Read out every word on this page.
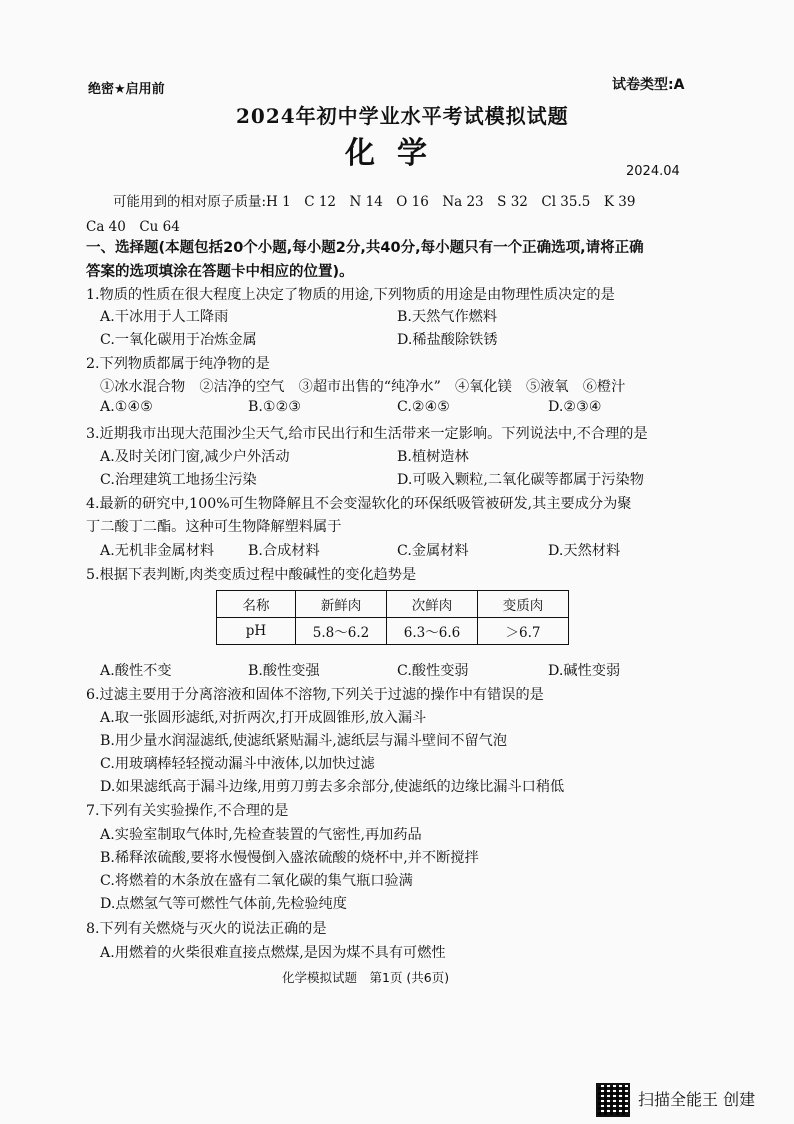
绝密★启用前	试卷类型:A
2024年初中学业水平考试模拟试题
化学
2024.04
可能用到的相对原子质量:H 1　C 12　N 14　O 16　Na 23　S 32　Cl 35.5　K 39
Ca 40　Cu 64
一、选择题(本题包括20个小题,每小题2分,共40分,每小题只有一个正确选项,请将正确
答案的选项填涂在答题卡中相应的位置)。
1.物质的性质在很大程度上决定了物质的用途,下列物质的用途是由物理性质决定的是
A.干冰用于人工降雨	B.天然气作燃料
C.一氧化碳用于冶炼金属	D.稀盐酸除铁锈
2.下列物质都属于纯净物的是
①冰水混合物　②洁净的空气　③超市出售的“纯净水”　④氧化镁　⑤液氧　⑥橙汁
A.①④⑤	B.①②③	C.②④⑤	D.②③④
3.近期我市出现大范围沙尘天气,给市民出行和生活带来一定影响。下列说法中,不合理的是
A.及时关闭门窗,减少户外活动	B.植树造林
C.治理建筑工地扬尘污染	D.可吸入颗粒,二氧化碳等都属于污染物
4.最新的研究中,100%可生物降解且不会变湿软化的环保纸吸管被研发,其主要成分为聚
丁二酸丁二酯。这种可生物降解塑料属于
A.无机非金属材料 B.合成材料	C.金属材料	D.天然材料
5.根据下表判断,肉类变质过程中酸碱性的变化趋势是
名称	新鲜肉	次鲜肉	变质肉
pH	5.8～6.2	6.3～6.6	＞6.7
A.酸性不变	B.酸性变强	C.酸性变弱	D.碱性变弱
6.过滤主要用于分离溶液和固体不溶物,下列关于过滤的操作中有错误的是
A.取一张圆形滤纸,对折两次,打开成圆锥形,放入漏斗
B.用少量水润湿滤纸,使滤纸紧贴漏斗,滤纸层与漏斗壁间不留气泡
C.用玻璃棒轻轻搅动漏斗中液体,以加快过滤
D.如果滤纸高于漏斗边缘,用剪刀剪去多余部分,使滤纸的边缘比漏斗口稍低
7.下列有关实验操作,不合理的是
A.实验室制取气体时,先检查装置的气密性,再加药品
B.稀释浓硫酸,要将水慢慢倒入盛浓硫酸的烧杯中,并不断搅拌
C.将燃着的木条放在盛有二氧化碳的集气瓶口验满
D.点燃氢气等可燃性气体前,先检验纯度
8.下列有关燃烧与灭火的说法正确的是
A.用燃着的火柴很难直接点燃煤,是因为煤不具有可燃性
化学模拟试题　第1页 (共6页)
扫描全能王 创建
